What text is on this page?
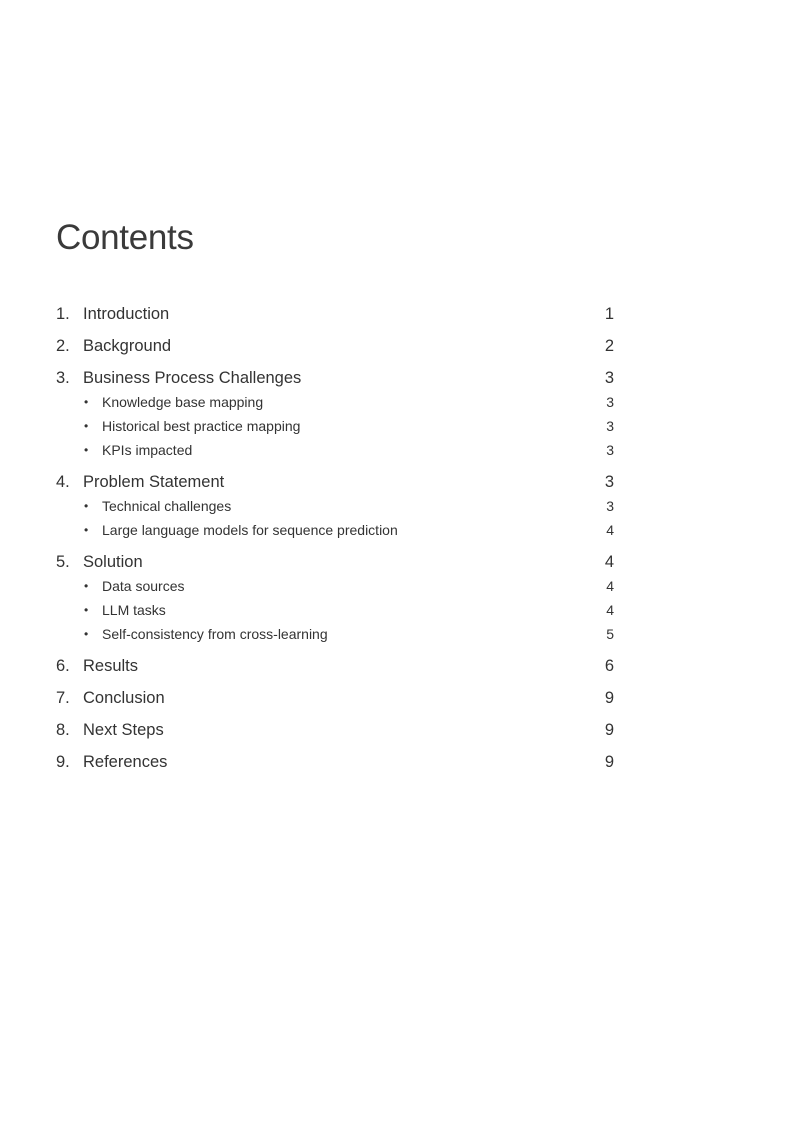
Contents
1. Introduction	1
2. Background	2
3. Business Process Challenges	3
• Knowledge base mapping	3
• Historical best practice mapping	3
• KPIs impacted	3
4. Problem Statement	3
• Technical challenges	3
• Large language models for sequence prediction	4
5. Solution	4
• Data sources	4
• LLM tasks	4
• Self-consistency from cross-learning	5
6. Results	6
7. Conclusion	9
8. Next Steps	9
9. References	9
